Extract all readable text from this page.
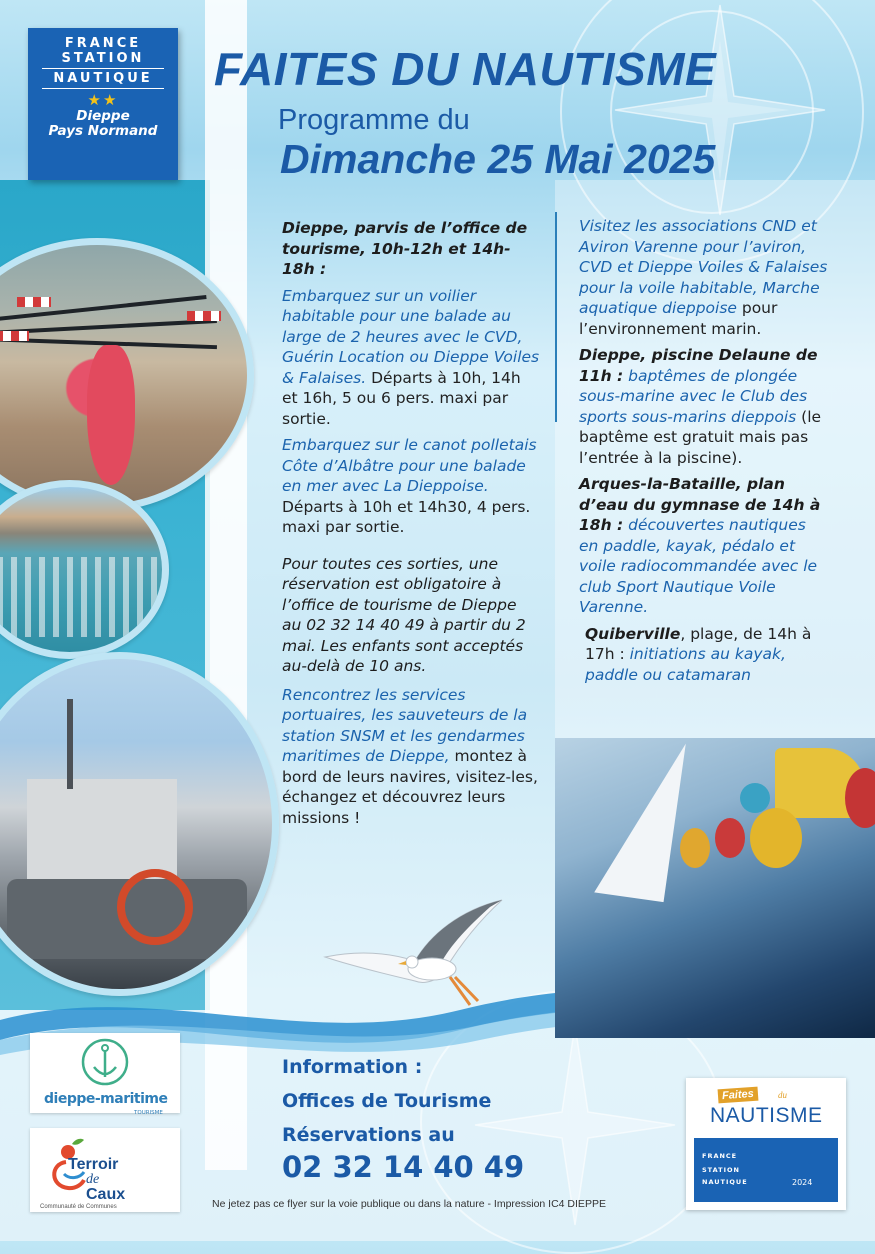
FRANCE
STATION
NAUTIQUE
★★
Dieppe
Pays Normand
FAITES DU NAUTISME
Programme du
Dimanche 25 Mai 2025

Dieppe, parvis de l’office de tourisme, 10h-12h et 14h-18h :

Embarquez sur un voilier habitable pour une balade au large de 2 heures avec le CVD, Guérin Location ou Dieppe Voiles & Falaises. Départs à 10h, 14h et 16h, 5 ou 6 pers. maxi par sortie.

Embarquez sur le canot polletais Côte d’Albâtre pour une balade en mer avec La Dieppoise. Départs à 10h et 14h30, 4 pers. maxi par sortie.

Pour toutes ces sorties, une réservation est obligatoire à l’office de tourisme de Dieppe au 02 32 14 40 49 à partir du 2 mai. Les enfants sont acceptés au-delà de 10 ans.

Rencontrez les services portuaires, les sauveteurs de la station SNSM et les gendarmes maritimes de Dieppe, montez à bord de leurs navires, visitez-les, échangez et découvrez leurs missions !

Visitez les associations CND et Aviron Varenne pour l’aviron, CVD et Dieppe Voiles & Falaises pour la voile habitable, Marche aquatique dieppoise pour l’environnement marin.

Dieppe, piscine Delaune de 11h : baptêmes de plongée sous-marine avec le Club des sports sous-marins dieppois (le baptême est gratuit mais pas l’entrée à la piscine).

Arques-la-Bataille, plan d’eau du gymnase de 14h à 18h : découvertes nautiques en paddle, kayak, pédalo et voile radiocommandée avec le club Sport Nautique Voile Varenne.

Quiberville, plage, de 14h à 17h : initiations au kayak, paddle ou catamaran

Information :
Offices de Tourisme
Réservations au
02 32 14 40 49
Ne jetez pas ce flyer sur la voie publique ou dans la nature - Impression IC4 DIEPPE
dieppe-maritime
TOURISME
Terroir
de
Caux
Communauté de Communes
Faites	du
NAUTISME
FRANCE
STATION
NAUTIQUE	2024
